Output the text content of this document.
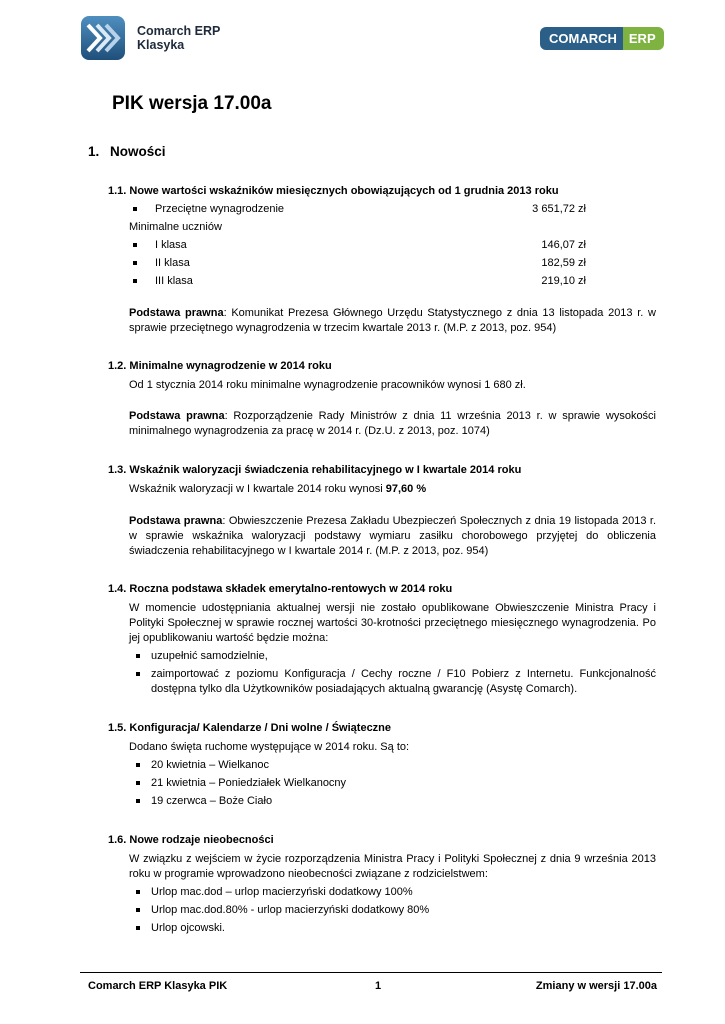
Comarch ERP
Klasyka	COMARCH ERP
PIK wersja 17.00a
1. Nowości

1.1. Nowe wartości wskaźników miesięcznych obowiązujących od 1 grudnia 2013 roku

Przeciętne wynagrodzenie	3 651,72 zł

Minimalne uczniów

I klasa	146,07 zł
II klasa	182,59 zł
III klasa	219,10 zł

Podstawa prawna: Komunikat Prezesa Głównego Urzędu Statystycznego z dnia 13 listopada 2013 r. w sprawie przeciętnego wynagrodzenia w trzecim kwartale 2013 r. (M.P. z 2013, poz. 954)

1.2. Minimalne wynagrodzenie w 2014 roku

Od 1 stycznia 2014 roku minimalne wynagrodzenie pracowników wynosi 1 680 zł.

Podstawa prawna: Rozporządzenie Rady Ministrów z dnia 11 września 2013 r. w sprawie wysokości minimalnego wynagrodzenia za pracę w 2014 r. (Dz.U. z 2013, poz. 1074)

1.3. Wskaźnik waloryzacji świadczenia rehabilitacyjnego w I kwartale 2014 roku

Wskaźnik waloryzacji w I kwartale 2014 roku wynosi 97,60 %

Podstawa prawna: Obwieszczenie Prezesa Zakładu Ubezpieczeń Społecznych z dnia 19 listopada 2013 r. w sprawie wskaźnika waloryzacji podstawy wymiaru zasiłku chorobowego przyjętej do obliczenia świadczenia rehabilitacyjnego w I kwartale 2014 r. (M.P. z 2013, poz. 954)

1.4. Roczna podstawa składek emerytalno-rentowych w 2014 roku

W momencie udostępniania aktualnej wersji nie zostało opublikowane Obwieszczenie Ministra Pracy i Polityki Społecznej w sprawie rocznej wartości 30-krotności przeciętnego miesięcznego wynagrodzenia. Po jej opublikowaniu wartość będzie można:

uzupełnić samodzielnie,
zaimportować z poziomu Konfiguracja / Cechy roczne / F10 Pobierz z Internetu. Funkcjonalność dostępna tylko dla Użytkowników posiadających aktualną gwarancję (Asystę Comarch).

1.5. Konfiguracja/ Kalendarze / Dni wolne / Świąteczne

Dodano święta ruchome występujące w 2014 roku. Są to:

20 kwietnia – Wielkanoc
21 kwietnia – Poniedziałek Wielkanocny
19 czerwca – Boże Ciało

1.6. Nowe rodzaje nieobecności

W związku z wejściem w życie rozporządzenia Ministra Pracy i Polityki Społecznej z dnia 9 września 2013 roku w programie wprowadzono nieobecności związane z rodzicielstwem:

Urlop mac.dod – urlop macierzyński dodatkowy 100%
Urlop mac.dod.80% - urlop macierzyński dodatkowy 80%
Urlop ojcowski.
Comarch ERP Klasyka PIK	1	Zmiany w wersji 17.00a
